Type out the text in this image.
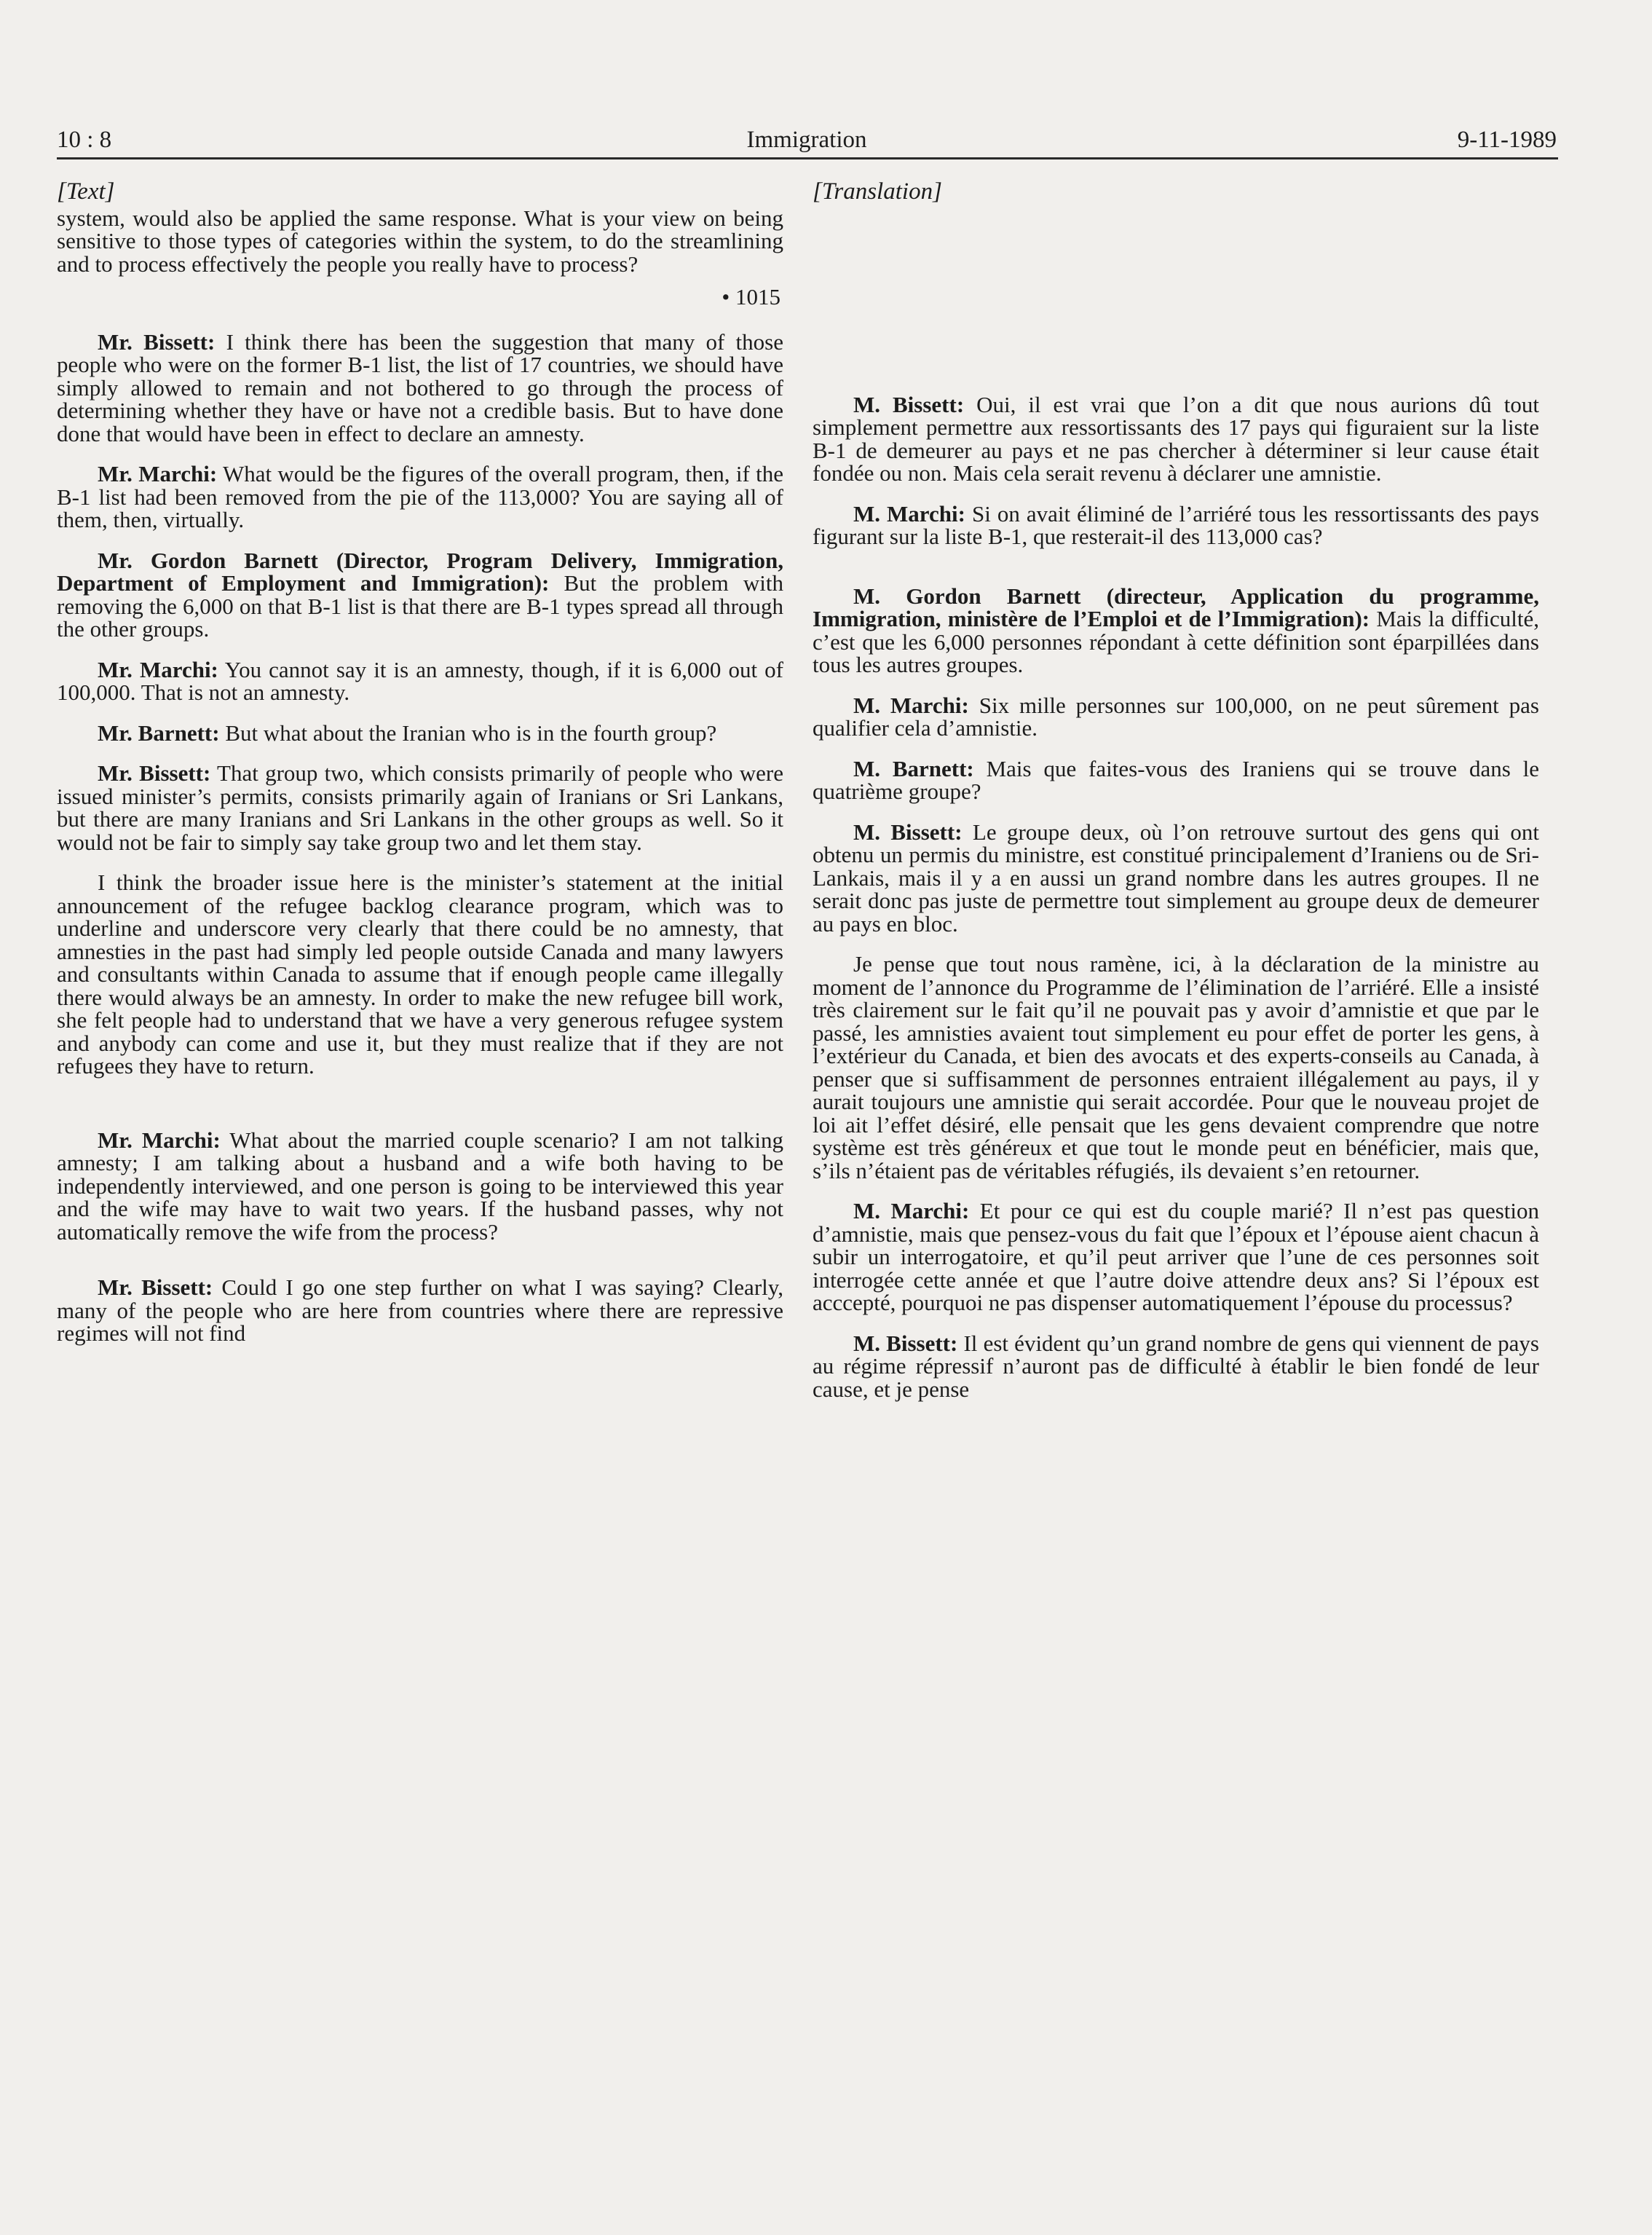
10 : 8	Immigration	9-11-1989
[Text]

system, would also be applied the same response. What is your view on being sensitive to those types of categories within the system, to do the streamlining and to process effectively the people you really have to process?

• 1015

Mr. Bissett: I think there has been the suggestion that many of those people who were on the former B-1 list, the list of 17 countries, we should have simply allowed to remain and not bothered to go through the process of determining whether they have or have not a credible basis. But to have done done that would have been in effect to declare an amnesty.

Mr. Marchi: What would be the figures of the overall program, then, if the B-1 list had been removed from the pie of the 113,000? You are saying all of them, then, virtually.

Mr. Gordon Barnett (Director, Program Delivery, Immigration, Department of Employment and Immigration): But the problem with removing the 6,000 on that B-1 list is that there are B-1 types spread all through the other groups.

Mr. Marchi: You cannot say it is an amnesty, though, if it is 6,000 out of 100,000. That is not an amnesty.

Mr. Barnett: But what about the Iranian who is in the fourth group?

Mr. Bissett: That group two, which consists primarily of people who were issued minister’s permits, consists primarily again of Iranians or Sri Lankans, but there are many Iranians and Sri Lankans in the other groups as well. So it would not be fair to simply say take group two and let them stay.

I think the broader issue here is the minister’s statement at the initial announcement of the refugee backlog clearance program, which was to underline and underscore very clearly that there could be no amnesty, that amnesties in the past had simply led people outside Canada and many lawyers and consultants within Canada to assume that if enough people came illegally there would always be an amnesty. In order to make the new refugee bill work, she felt people had to understand that we have a very generous refugee system and anybody can come and use it, but they must realize that if they are not refugees they have to return.

Mr. Marchi: What about the married couple scenario? I am not talking amnesty; I am talking about a husband and a wife both having to be independently interviewed, and one person is going to be interviewed this year and the wife may have to wait two years. If the husband passes, why not automatically remove the wife from the process?

Mr. Bissett: Could I go one step further on what I was saying? Clearly, many of the people who are here from countries where there are repressive regimes will not find

[Translation]

M. Bissett: Oui, il est vrai que l’on a dit que nous aurions dû tout simplement permettre aux ressortissants des 17 pays qui figuraient sur la liste B-1 de demeurer au pays et ne pas chercher à déterminer si leur cause était fondée ou non. Mais cela serait revenu à déclarer une amnistie.

M. Marchi: Si on avait éliminé de l’arriéré tous les ressortissants des pays figurant sur la liste B-1, que resterait-il des 113,000 cas?

M. Gordon Barnett (directeur, Application du programme, Immigration, ministère de l’Emploi et de l’Immigration): Mais la difficulté, c’est que les 6,000 personnes répondant à cette définition sont éparpillées dans tous les autres groupes.

M. Marchi: Six mille personnes sur 100,000, on ne peut sûrement pas qualifier cela d’amnistie.

M. Barnett: Mais que faites-vous des Iraniens qui se trouve dans le quatrième groupe?

M. Bissett: Le groupe deux, où l’on retrouve surtout des gens qui ont obtenu un permis du ministre, est constitué principalement d’Iraniens ou de Sri-Lankais, mais il y a en aussi un grand nombre dans les autres groupes. Il ne serait donc pas juste de permettre tout simplement au groupe deux de demeurer au pays en bloc.

Je pense que tout nous ramène, ici, à la déclaration de la ministre au moment de l’annonce du Programme de l’élimination de l’arriéré. Elle a insisté très clairement sur le fait qu’il ne pouvait pas y avoir d’amnistie et que par le passé, les amnisties avaient tout simplement eu pour effet de porter les gens, à l’extérieur du Canada, et bien des avocats et des experts-conseils au Canada, à penser que si suffisamment de personnes entraient illégalement au pays, il y aurait toujours une amnistie qui serait accordée. Pour que le nouveau projet de loi ait l’effet désiré, elle pensait que les gens devaient comprendre que notre système est très généreux et que tout le monde peut en bénéficier, mais que, s’ils n’étaient pas de véritables réfugiés, ils devaient s’en retourner.

M. Marchi: Et pour ce qui est du couple marié? Il n’est pas question d’amnistie, mais que pensez-vous du fait que l’époux et l’épouse aient chacun à subir un interrogatoire, et qu’il peut arriver que l’une de ces personnes soit interrogée cette année et que l’autre doive attendre deux ans? Si l’époux est acccepté, pourquoi ne pas dispenser automatiquement l’épouse du processus?

M. Bissett: Il est évident qu’un grand nombre de gens qui viennent de pays au régime répressif n’auront pas de difficulté à établir le bien fondé de leur cause, et je pense
